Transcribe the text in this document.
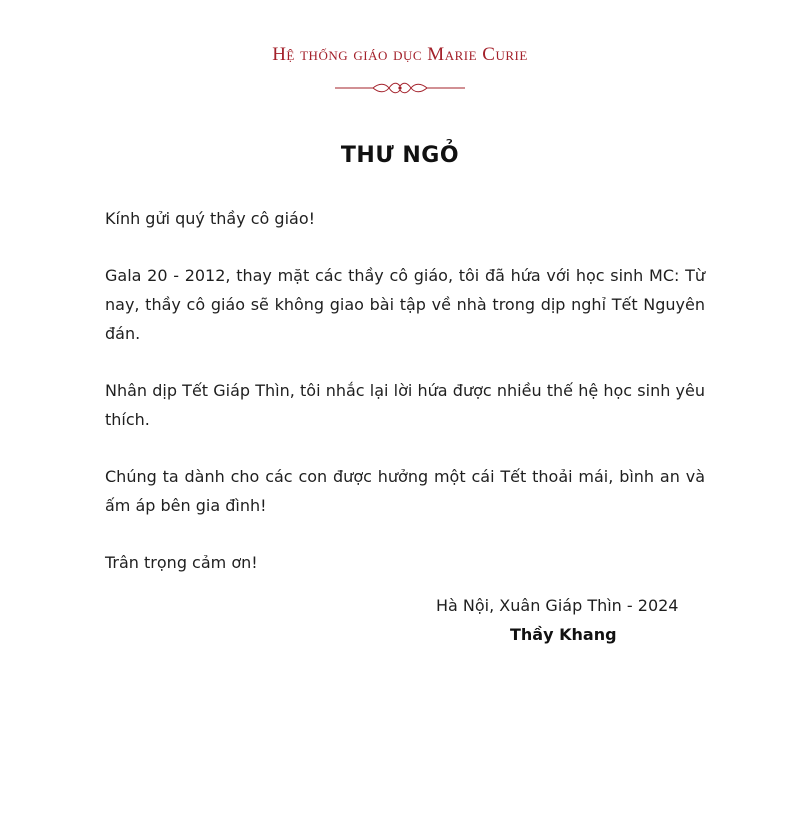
Hệ thống giáo dục Marie Curie
THƯ NGỎ

Kính gửi quý thầy cô giáo!

Gala 20 - 2012, thay mặt các thầy cô giáo, tôi đã hứa với học sinh MC: Từ nay, thầy cô giáo sẽ không giao bài tập về nhà trong dịp nghỉ Tết Nguyên đán.

Nhân dịp Tết Giáp Thìn, tôi nhắc lại lời hứa được nhiều thế hệ học sinh yêu thích.

Chúng ta dành cho các con được hưởng một cái Tết thoải mái, bình an và ấm áp bên gia đình!

Trân trọng cảm ơn!

Hà Nội, Xuân Giáp Thìn - 2024
Thầy Khang
